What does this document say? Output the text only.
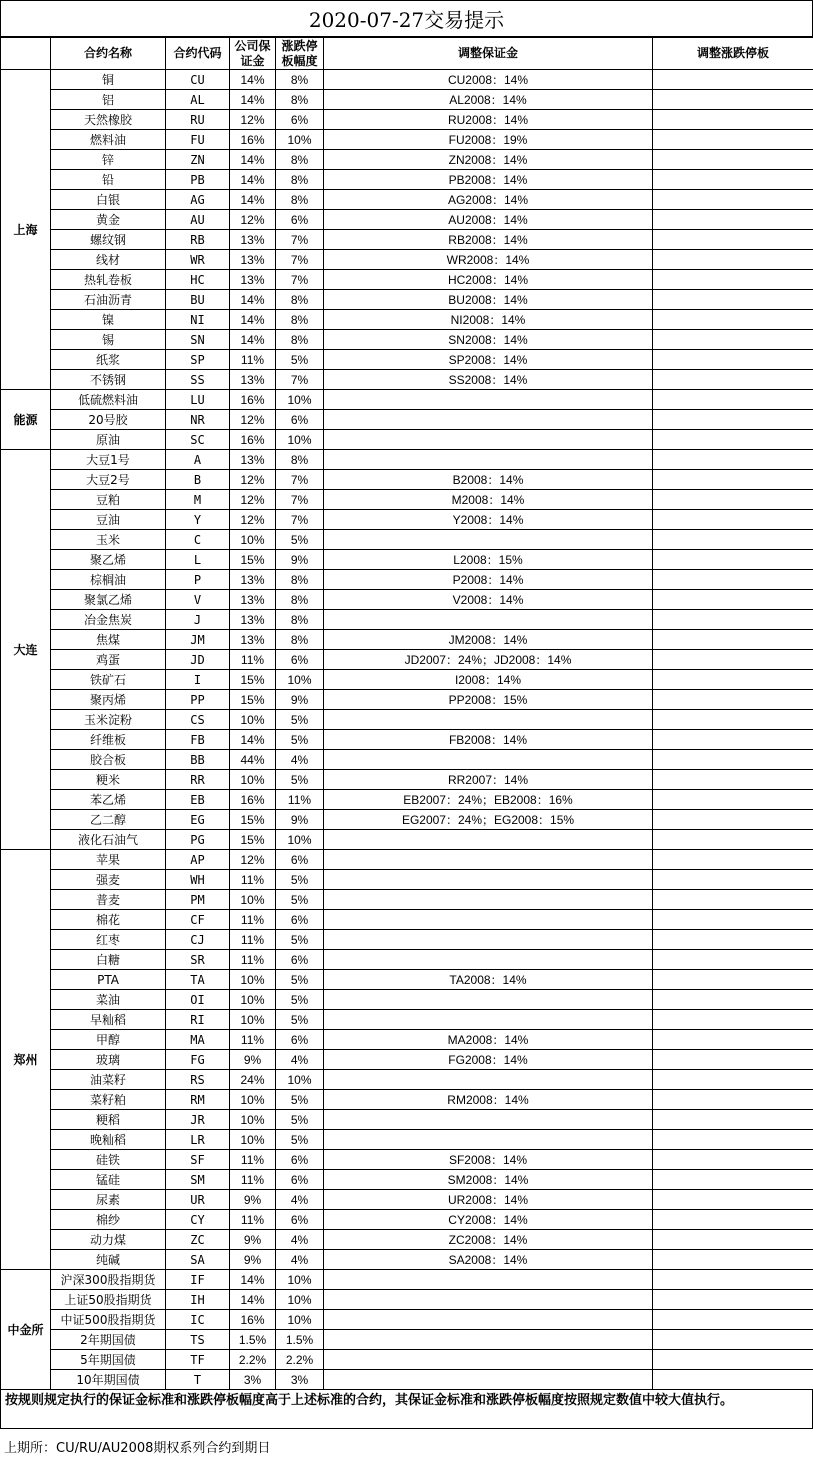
2020-07-27交易提示
	合约名称	合约代码	公司保证金	涨跌停板幅度	调整保证金	调整涨跌停板
上海	铜	CU	14%	8%	CU2008：14%	
	铝	AL	14%	8%	AL2008：14%	
	天然橡胶	RU	12%	6%	RU2008：14%	
	燃料油	FU	16%	10%	FU2008：19%	
	锌	ZN	14%	8%	ZN2008：14%	
	铅	PB	14%	8%	PB2008：14%	
	白银	AG	14%	8%	AG2008：14%	
	黄金	AU	12%	6%	AU2008：14%	
	螺纹钢	RB	13%	7%	RB2008：14%	
	线材	WR	13%	7%	WR2008：14%	
	热轧卷板	HC	13%	7%	HC2008：14%	
	石油沥青	BU	14%	8%	BU2008：14%	
	镍	NI	14%	8%	NI2008：14%	
	锡	SN	14%	8%	SN2008：14%	
	纸浆	SP	11%	5%	SP2008：14%	
	不锈钢	SS	13%	7%	SS2008：14%	
能源	低硫燃料油	LU	16%	10%		
	20号胶	NR	12%	6%		
	原油	SC	16%	10%		
大连	大豆1号	A	13%	8%		
	大豆2号	B	12%	7%	B2008：14%	
	豆粕	M	12%	7%	M2008：14%	
	豆油	Y	12%	7%	Y2008：14%	
	玉米	C	10%	5%		
	聚乙烯	L	15%	9%	L2008：15%	
	棕榈油	P	13%	8%	P2008：14%	
	聚氯乙烯	V	13%	8%	V2008：14%	
	冶金焦炭	J	13%	8%		
	焦煤	JM	13%	8%	JM2008：14%	
	鸡蛋	JD	11%	6%	JD2007：24%；JD2008：14%	
	铁矿石	I	15%	10%	I2008：14%	
	聚丙烯	PP	15%	9%	PP2008：15%	
	玉米淀粉	CS	10%	5%		
	纤维板	FB	14%	5%	FB2008：14%	
	胶合板	BB	44%	4%		
	粳米	RR	10%	5%	RR2007：14%	
	苯乙烯	EB	16%	11%	EB2007：24%；EB2008：16%	
	乙二醇	EG	15%	9%	EG2007：24%；EG2008：15%	
	液化石油气	PG	15%	10%		
郑州	苹果	AP	12%	6%		
	强麦	WH	11%	5%		
	普麦	PM	10%	5%		
	棉花	CF	11%	6%		
	红枣	CJ	11%	5%		
	白糖	SR	11%	6%		
	PTA	TA	10%	5%	TA2008：14%	
	菜油	OI	10%	5%		
	早籼稻	RI	10%	5%		
	甲醇	MA	11%	6%	MA2008：14%	
	玻璃	FG	9%	4%	FG2008：14%	
	油菜籽	RS	24%	10%		
	菜籽粕	RM	10%	5%	RM2008：14%	
	粳稻	JR	10%	5%		
	晚籼稻	LR	10%	5%		
	硅铁	SF	11%	6%	SF2008：14%	
	锰硅	SM	11%	6%	SM2008：14%	
	尿素	UR	9%	4%	UR2008：14%	
	棉纱	CY	11%	6%	CY2008：14%	
	动力煤	ZC	9%	4%	ZC2008：14%	
	纯碱	SA	9%	4%	SA2008：14%	
中金所	沪深300股指期货	IF	14%	10%		
	上证50股指期货	IH	14%	10%		
	中证500股指期货	IC	16%	10%		
	2年期国债	TS	1.5%	1.5%		
	5年期国债	TF	2.2%	2.2%		
	10年期国债	T	3%	3%		
按规则规定执行的保证金标准和涨跌停板幅度高于上述标准的合约，其保证金标准和涨跌停板幅度按照规定数值中较大值执行。
上期所：CU/RU/AU2008期权系列合约到期日
